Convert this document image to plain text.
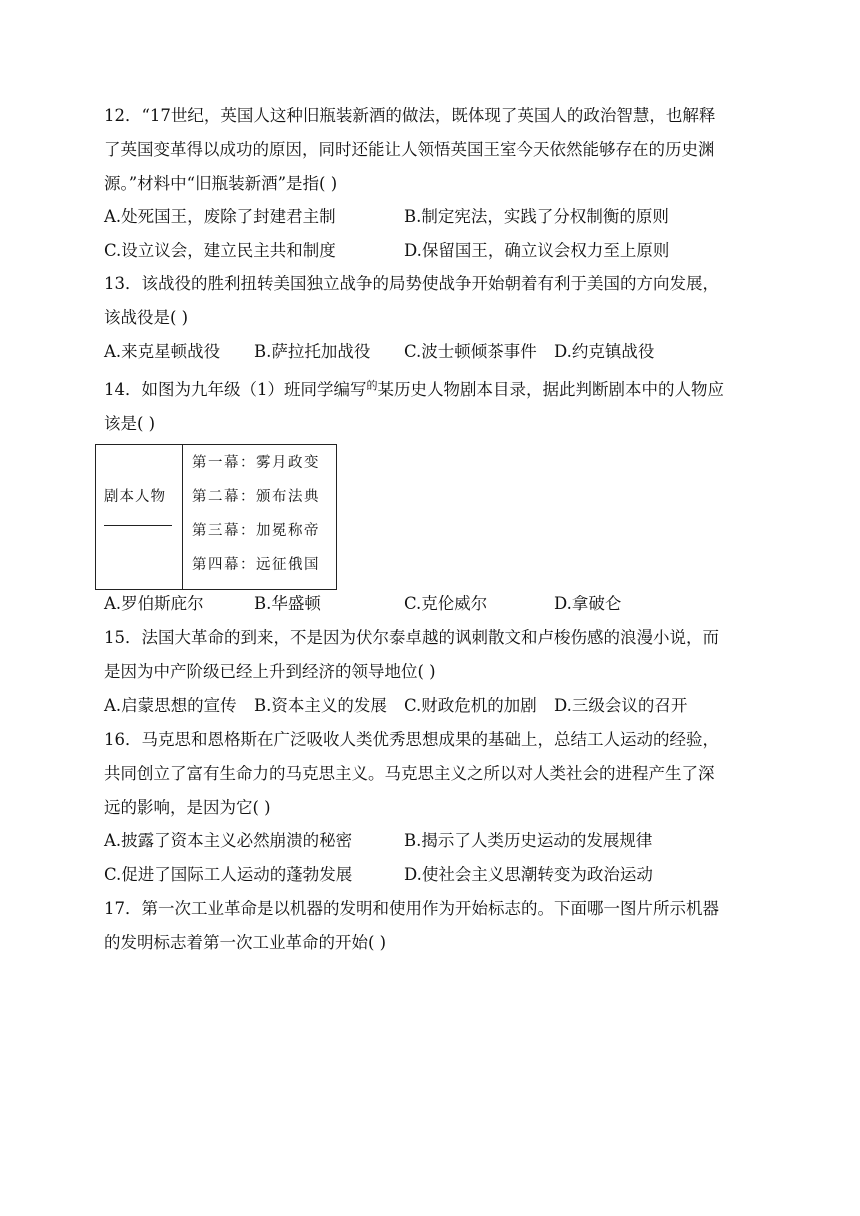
12．“17世纪，英国人这种旧瓶装新酒的做法，既体现了英国人的政治智慧，也解释
了英国变革得以成功的原因，同时还能让人领悟英国王室今天依然能够存在的历史渊
源。”材料中“旧瓶装新酒”是指( )
A.处死国王，废除了封建君主制	B.制定宪法，实践了分权制衡的原则
C.设立议会，建立民主共和制度	D.保留国王，确立议会权力至上原则
13．该战役的胜利扭转美国独立战争的局势使战争开始朝着有利于美国的方向发展，
该战役是( )
A.来克星顿战役 B.萨拉托加战役 C.波士顿倾茶事件 D.约克镇战役
14．如图为九年级（1）班同学编写$^的$某历史人物剧本目录，据此判断剧本中的人物应
该是( )
剧本人物
第一幕：雾月政变
第二幕：颁布法典
第三幕：加冕称帝
第四幕：远征俄国
A.罗伯斯庇尔	B.华盛顿	C.克伦威尔	D.拿破仑
15．法国大革命的到来，不是因为伏尔泰卓越的讽刺散文和卢梭伤感的浪漫小说，而
是因为中产阶级已经上升到经济的领导地位( )
A.启蒙思想的宣传 B.资本主义的发展 C.财政危机的加剧 D.三级会议的召开
16．马克思和恩格斯在广泛吸收人类优秀思想成果的基础上，总结工人运动的经验，
共同创立了富有生命力的马克思主义。马克思主义之所以对人类社会的进程产生了深
远的影响，是因为它( )
A.披露了资本主义必然崩溃的秘密	B.揭示了人类历史运动的发展规律
C.促进了国际工人运动的蓬勃发展	D.使社会主义思潮转变为政治运动
17．第一次工业革命是以机器的发明和使用作为开始标志的。下面哪一图片所示机器
的发明标志着第一次工业革命的开始( )
